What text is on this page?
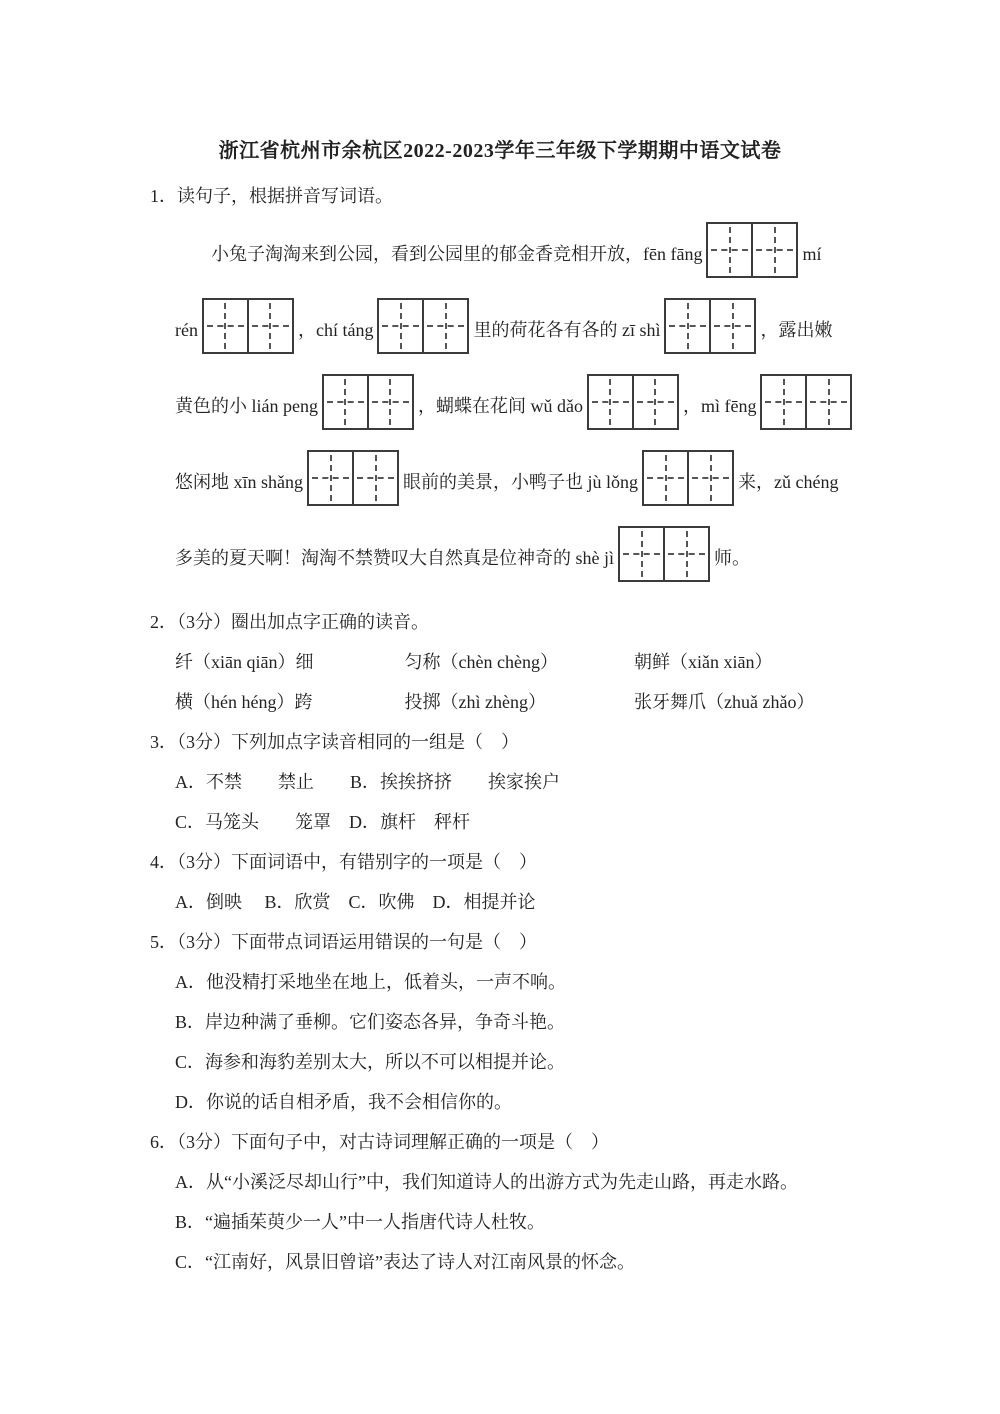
浙江省杭州市余杭区2022-2023学年三年级下学期期中语文试卷
1．读句子，根据拼音写词语。
小兔子淘淘来到公园，看到公园里的郁金香竞相开放，fēn fāng	mí
rén	，chí táng	里的荷花各有各的 zī shì	，露出嫩
黄色的小 lián peng	，蝴蝶在花间 wǔ dǎo	，mì fēng
悠闲地 xīn shǎng	眼前的美景，小鸭子也 jù lǒng	来，zǔ chéng
多美的夏天啊！淘淘不禁赞叹大自然真是位神奇的 shè jì	师。
2．（3分）圈出加点字正确的读音。
纤（xiān qiān）细	匀称（chèn chèng）	朝鲜（xiǎn xiān）
横（hén héng）跨	投掷（zhì zhèng）	张牙舞爪（zhuǎ zhǎo）
3．（3分）下列加点字读音相同的一组是（　）
A．不禁　　禁止　　B．挨挨挤挤　　挨家挨户
C．马笼头　　笼罩　D．旗杆　秤杆
4．（3分）下面词语中，有错别字的一项是（　）
A．倒映　 B．欣赏　C．吹佛　D．相提并论
5．（3分）下面带点词语运用错误的一句是（　）
A．他没精打采地坐在地上，低着头，一声不响。
B．岸边种满了垂柳。它们姿态各异，争奇斗艳。
C．海参和海豹差别太大，所以不可以相提并论。
D．你说的话自相矛盾，我不会相信你的。
6．（3分）下面句子中，对古诗词理解正确的一项是（　）
A．从“小溪泛尽却山行”中，我们知道诗人的出游方式为先走山路，再走水路。
B．“遍插茱萸少一人”中一人指唐代诗人杜牧。
C．“江南好，风景旧曾谙”表达了诗人对江南风景的怀念。
